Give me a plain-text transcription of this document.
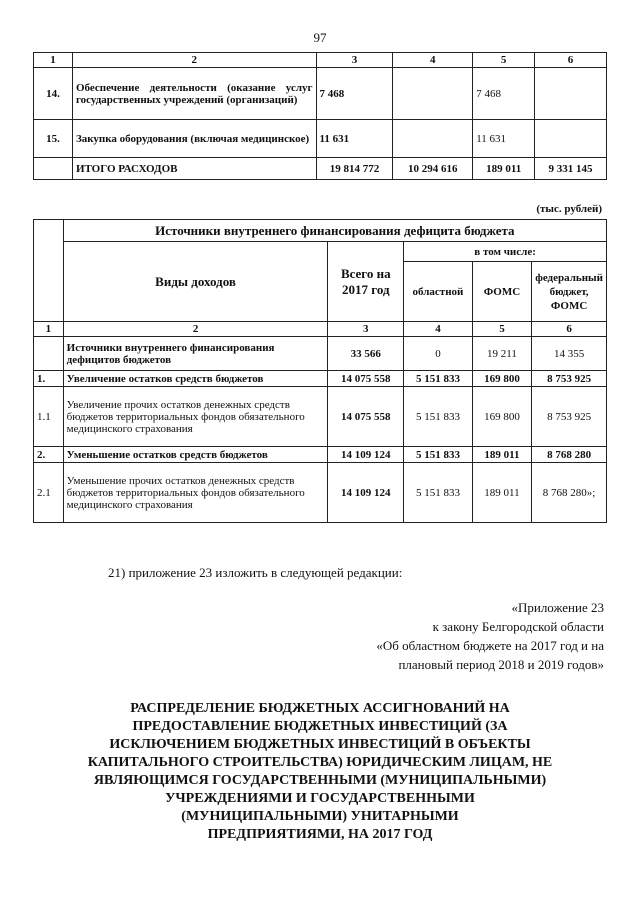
97
1	2	3	4	5	6
14.	Обеспечение деятельности (оказание услуг государственных учреждений (организаций)	7 468		7 468	
15.	Закупка оборудования (включая медицинское)	11 631		11 631	
	ИТОГО РАСХОДОВ	19 814 772	10 294 616	189 011	9 331 145
(тыс. рублей)
	Источники внутреннего финансирования дефицита бюджета				
	Виды доходов	Всего на 2017 год	в том числе:		
			областной	ФОМС	федеральный бюджет, ФОМС
1	2	3	4	5	6
	Источники внутреннего финансирования дефицитов бюджетов	33 566	0	19 211	14 355
1.	Увеличение остатков средств бюджетов	14 075 558	5 151 833	169 800	8 753 925
1.1	Увеличение прочих остатков денежных средств бюджетов территориальных фондов обязательного медицинского страхования	14 075 558	5 151 833	169 800	8 753 925
2.	Уменьшение остатков средств бюджетов	14 109 124	5 151 833	189 011	8 768 280
2.1	Уменьшение прочих остатков денежных средств бюджетов территориальных фондов обязательного медицинского страхования	14 109 124	5 151 833	189 011	8 768 280»;
21) приложение 23 изложить в следующей редакции:
«Приложение 23
к закону Белгородской области
«Об областном бюджете на 2017 год и на
плановый период 2018 и 2019 годов»
РАСПРЕДЕЛЕНИЕ БЮДЖЕТНЫХ АССИГНОВАНИЙ НА
ПРЕДОСТАВЛЕНИЕ БЮДЖЕТНЫХ ИНВЕСТИЦИЙ (ЗА
ИСКЛЮЧЕНИЕМ БЮДЖЕТНЫХ ИНВЕСТИЦИЙ В ОБЪЕКТЫ
КАПИТАЛЬНОГО СТРОИТЕЛЬСТВА) ЮРИДИЧЕСКИМ ЛИЦАМ, НЕ
ЯВЛЯЮЩИМСЯ ГОСУДАРСТВЕННЫМИ (МУНИЦИПАЛЬНЫМИ)
УЧРЕЖДЕНИЯМИ И ГОСУДАРСТВЕННЫМИ
(МУНИЦИПАЛЬНЫМИ) УНИТАРНЫМИ
ПРЕДПРИЯТИЯМИ, НА 2017 ГОД
